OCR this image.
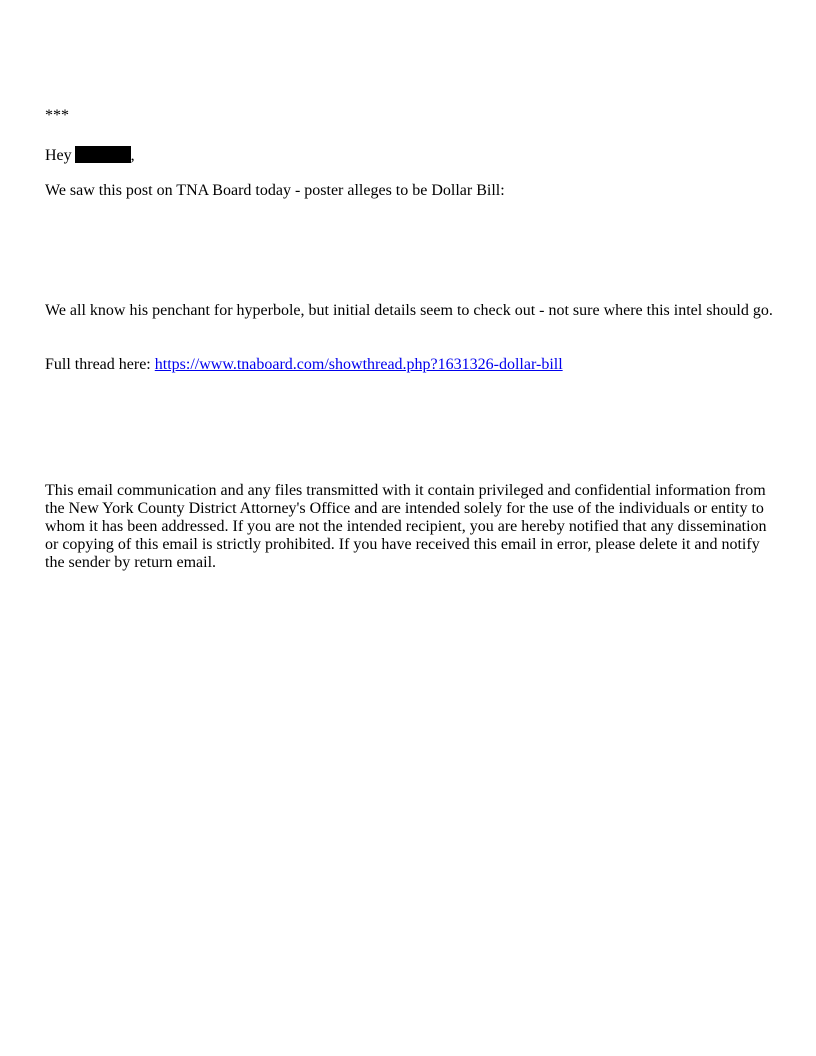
***
Hey	,
We saw this post on TNA Board today - poster alleges to be Dollar Bill:
We all know his penchant for hyperbole, but initial details seem to check out - not sure where this intel should go.
Full thread here: https://www.tnaboard.com/showthread.php?1631326-dollar-bill
This email communication and any files transmitted with it contain privileged and confidential information from the New York County District Attorney's Office and are intended solely for the use of the individuals or entity to whom it has been addressed. If you are not the intended recipient, you are hereby notified that any dissemination or copying of this email is strictly prohibited. If you have received this email in error, please delete it and notify the sender by return email.
